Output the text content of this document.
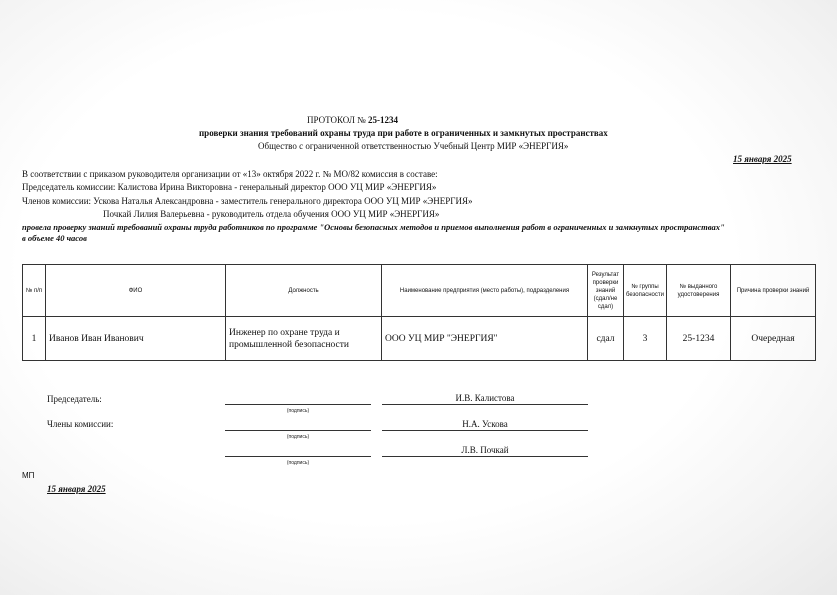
ПРОТОКОЛ № 25-1234
проверки знания требований охраны труда при работе в ограниченных и замкнутых пространствах
Общество с ограниченной ответственностью Учебный Центр МИР «ЭНЕРГИЯ»
15 января 2025
В соответствии с приказом руководителя организации от «13» октября 2022 г. № МО/82 комиссия в составе:
Председатель комиссии: Калистова Ирина Викторовна - генеральный директор ООО УЦ МИР «ЭНЕРГИЯ»
Членов комиссии: Ускова Наталья Александровна - заместитель генерального директора ООО УЦ МИР «ЭНЕРГИЯ»
Почкай Лилия Валерьевна - руководитель отдела обучения ООО УЦ МИР «ЭНЕРГИЯ»
провела проверку знаний требований охраны труда работников по программе "Основы безопасных методов и приемов выполнения работ в ограниченных и замкнутых пространствах"
в объеме 40 часов
№ п/п	ФИО	Должность	Наименование предприятия (место работы), подразделения	Результат проверки знаний (сдал/не сдал)	№ группы безопасности	№ выданного удостоверения	Причина проверки знаний
1	Иванов Иван Иванович	Инженер по охране труда и промышленной безопасности	ООО УЦ МИР "ЭНЕРГИЯ"	сдал	3	25-1234	Очередная
Председатель:	И.В. Калистова
(подпись)
Члены комиссии:	Н.А. Ускова
(подпись)
Л.В. Почкай
(подпись)
МП
15 января 2025
